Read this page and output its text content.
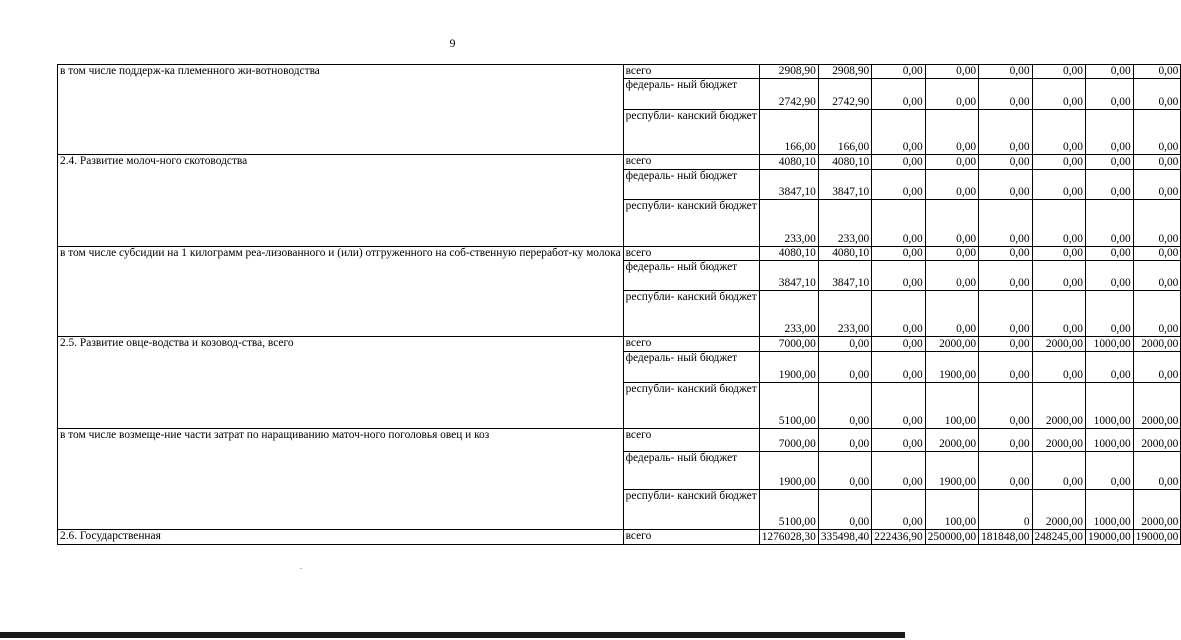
9
в том числе поддерж-ка племенного жи-вотноводства	всего	2908,90	2908,90	0,00	0,00	0,00	0,00	0,00	0,00
	федераль- ный бюджет	2742,90	2742,90	0,00	0,00	0,00	0,00	0,00	0,00
	республи- канский бюджет	166,00	166,00	0,00	0,00	0,00	0,00	0,00	0,00
2.4. Развитие молоч-ного скотоводства	всего	4080,10	4080,10	0,00	0,00	0,00	0,00	0,00	0,00
	федераль- ный бюджет	3847,10	3847,10	0,00	0,00	0,00	0,00	0,00	0,00
	республи- канский бюджет	233,00	233,00	0,00	0,00	0,00	0,00	0,00	0,00
в том числе субсидии на 1 килограмм реа-лизованного и (или) отгруженного на соб-ственную переработ-ку молока	всего	4080,10	4080,10	0,00	0,00	0,00	0,00	0,00	0,00
	федераль- ный бюджет	3847,10	3847,10	0,00	0,00	0,00	0,00	0,00	0,00
	республи- канский бюджет	233,00	233,00	0,00	0,00	0,00	0,00	0,00	0,00
2.5. Развитие овце-водства и козовод-ства, всего	всего	7000,00	0,00	0,00	2000,00	0,00	2000,00	1000,00	2000,00
	федераль- ный бюджет	1900,00	0,00	0,00	1900,00	0,00	0,00	0,00	0,00
	республи- канский бюджет	5100,00	0,00	0,00	100,00	0,00	2000,00	1000,00	2000,00
в том числе возмеще-ние части затрат по наращиванию маточ-ного поголовья овец и коз	всего	7000,00	0,00	0,00	2000,00	0,00	2000,00	1000,00	2000,00
	федераль- ный бюджет	1900,00	0,00	0,00	1900,00	0,00	0,00	0,00	0,00
	республи- канский бюджет	5100,00	0,00	0,00	100,00	0	2000,00	1000,00	2000,00
2.6. Государственная	всего	1276028,30	335498,40	222436,90	250000,00	181848,00	248245,00	19000,00	19000,00
